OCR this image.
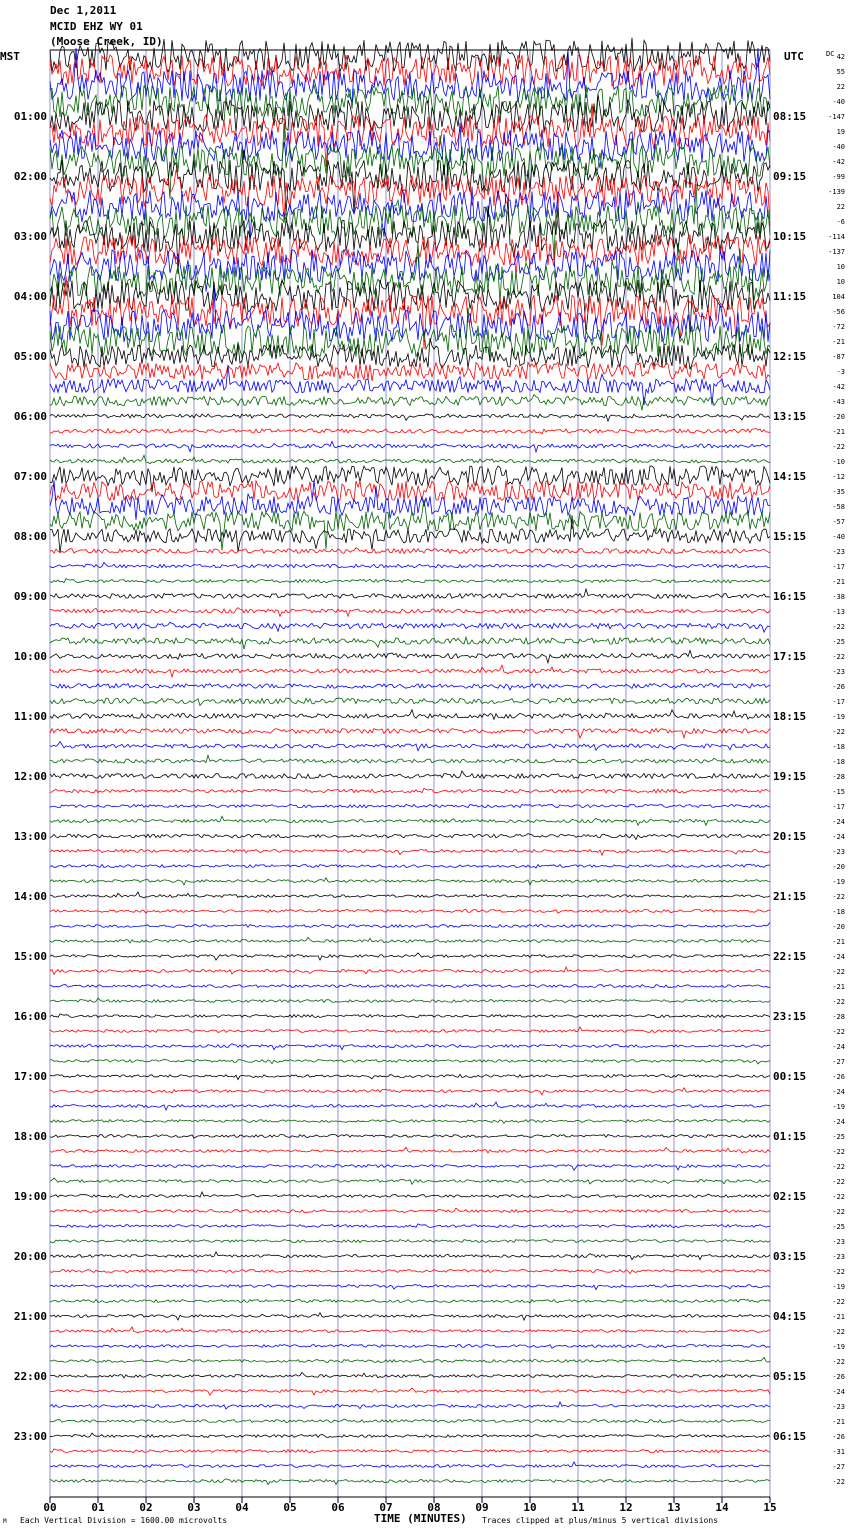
01:00
02:00
03:00
04:00
05:00
06:00
07:00
08:00
09:00
10:00
11:00
12:00
13:00
14:00
15:00
16:00
17:00
18:00
19:00
20:00
21:00
22:00
23:00
08:15
09:15
10:15
11:15
12:15
13:15
14:15
15:15
16:15
17:15
18:15
19:15
20:15
21:15
22:15
23:15
00:15
01:15
02:15
03:15
04:15
05:15
06:15
42
55
22
-40
-147
19
-40
-42
-99
-139
22
-6
-114
-137
10
10
104
-56
-72
-21
-87
-3
-42
-43
-20
-21
-22
-10
-12
-35
-58
-57
-40
-23
-17
-21
-38
-13
-22
-25
-22
-23
-26
-17
-19
-22
-18
-18
-28
-15
-17
-24
-24
-23
-20
-19
-22
-18
-20
-21
-24
-22
-21
-22
-28
-22
-24
-27
-26
-24
-19
-24
-25
-22
-22
-22
-22
-22
-25
-23
-23
-22
-19
-22
-21
-22
-19
-22
-26
-24
-23
-21
-26
-31
-27
-22
00	01	02	03	04	05	06	07	08	09	10	11	12	13	14	15
Dec 1,2011
MCID EHZ WY 01
(Moose Creek, ID)
MST	UTC	DC
M Each Vertical Division = 1600.00 microvolts	TIME (MINUTES) Traces clipped at plus/minus 5 vertical divisions
